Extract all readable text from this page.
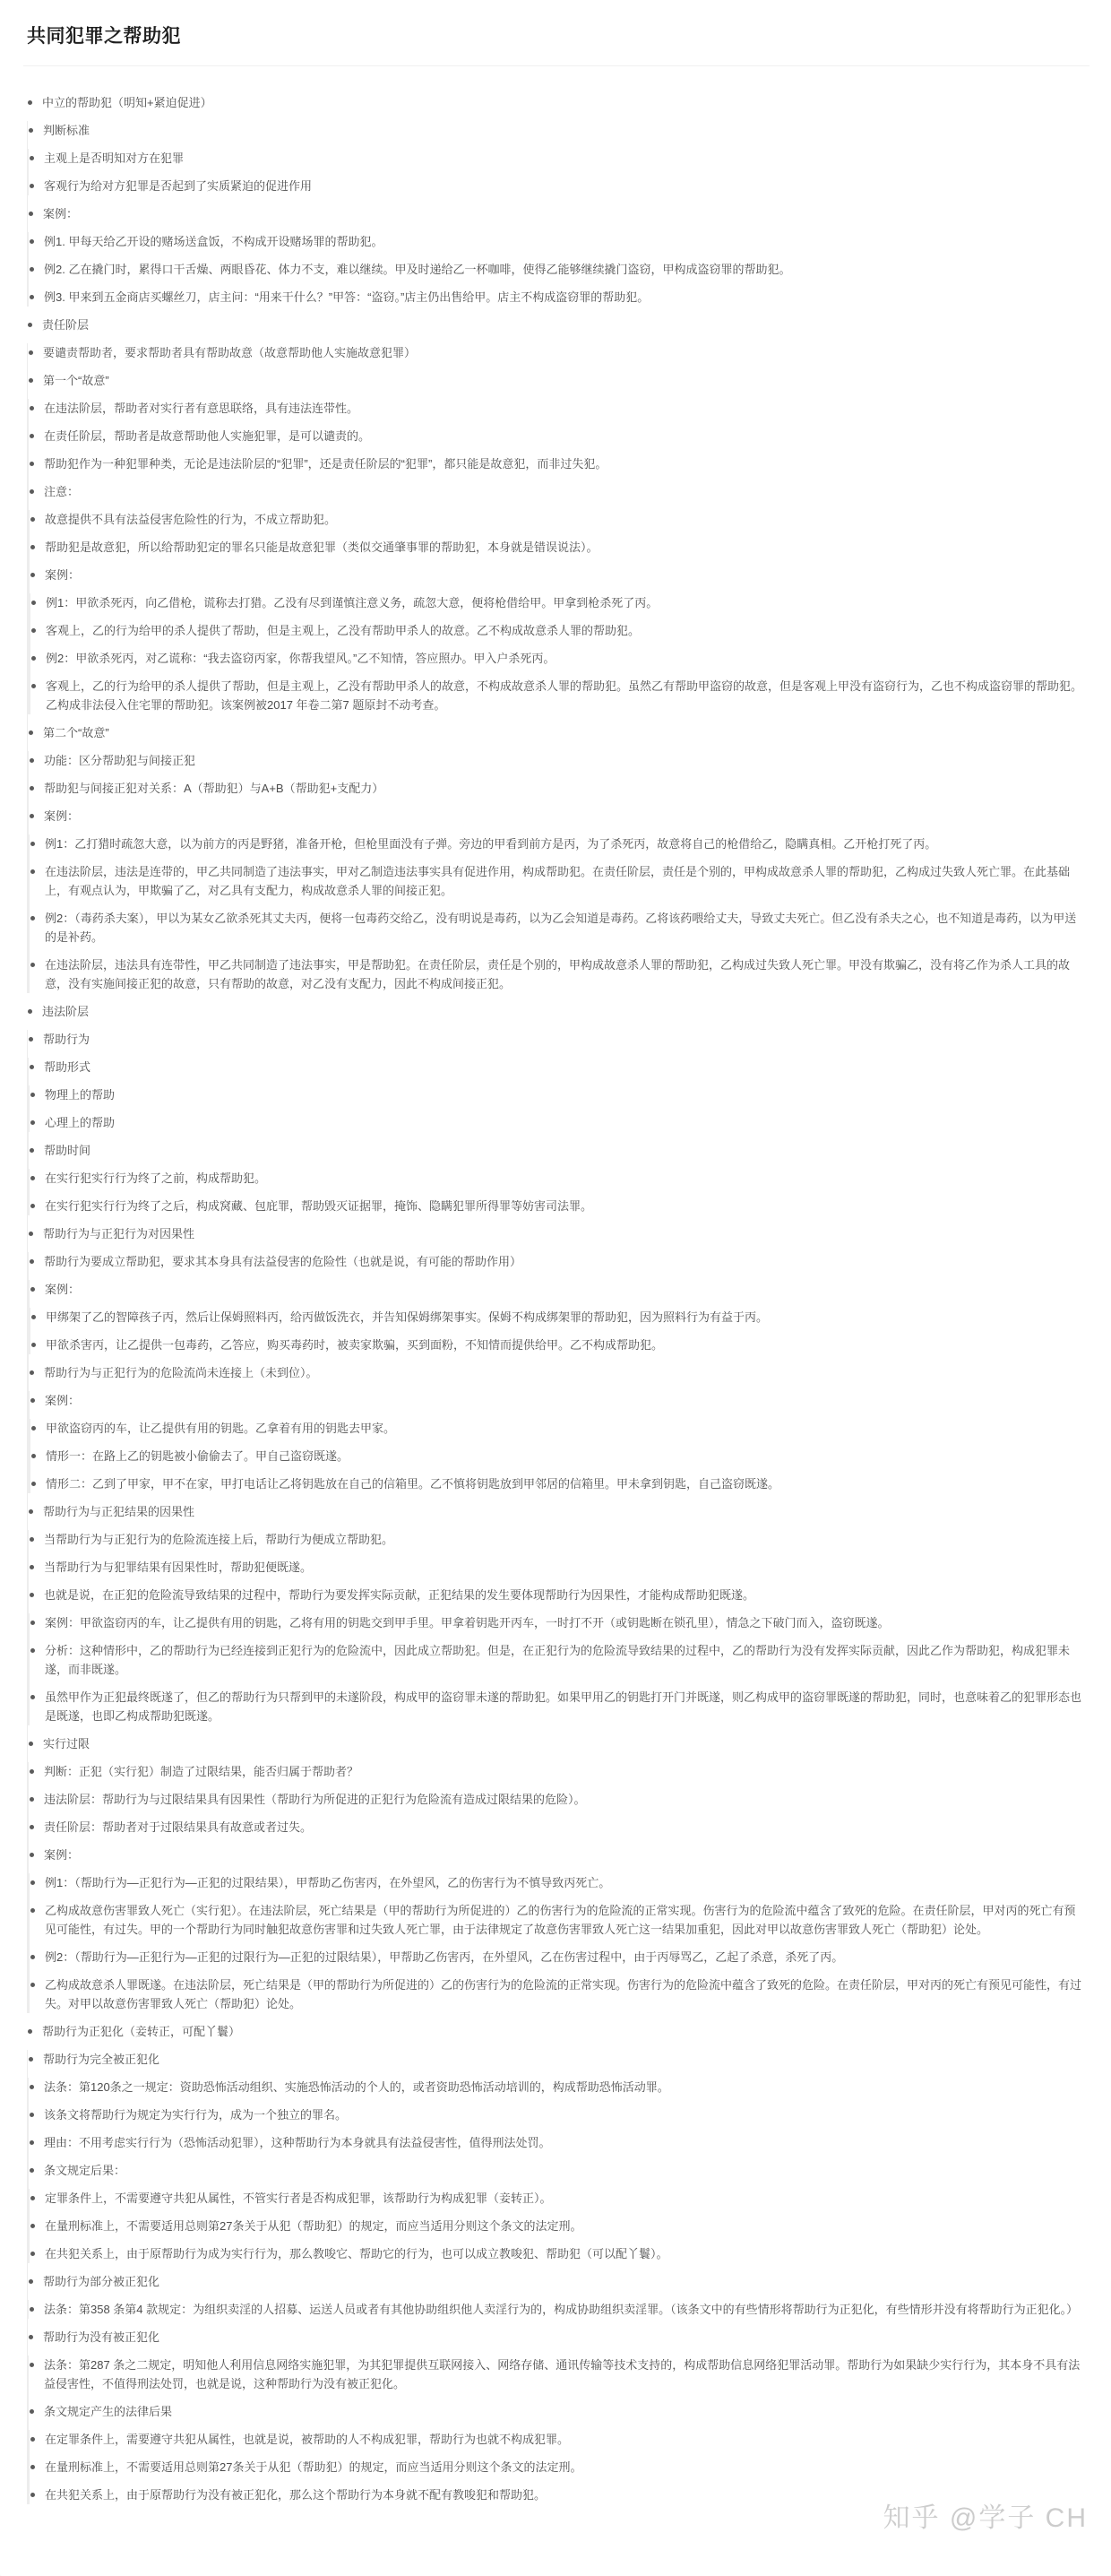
共同犯罪之帮助犯
中立的帮助犯（明知+紧迫促进）
判断标准
主观上是否明知对方在犯罪
客观行为给对方犯罪是否起到了实质紧迫的促进作用
案例：
例1. 甲每天给乙开设的赌场送盒饭，不构成开设赌场罪的帮助犯。
例2. 乙在撬门时，累得口干舌燥、两眼昏花、体力不支，难以继续。甲及时递给乙一杯咖啡，使得乙能够继续撬门盗窃，甲构成盗窃罪的帮助犯。
例3. 甲来到五金商店买螺丝刀，店主问：“用来干什么？”甲答：“盗窃。”店主仍出售给甲。店主不构成盗窃罪的帮助犯。
责任阶层
要谴责帮助者，要求帮助者具有帮助故意（故意帮助他人实施故意犯罪）
第一个“故意”
在违法阶层，帮助者对实行者有意思联络，具有违法连带性。
在责任阶层，帮助者是故意帮助他人实施犯罪，是可以谴责的。
帮助犯作为一种犯罪种类，无论是违法阶层的“犯罪”，还是责任阶层的“犯罪”，都只能是故意犯，而非过失犯。
注意：
故意提供不具有法益侵害危险性的行为，不成立帮助犯。
帮助犯是故意犯，所以给帮助犯定的罪名只能是故意犯罪（类似交通肇事罪的帮助犯，本身就是错误说法）。
案例：
例1：甲欲杀死丙，向乙借枪，谎称去打猎。乙没有尽到谨慎注意义务，疏忽大意，便将枪借给甲。甲拿到枪杀死了丙。
客观上，乙的行为给甲的杀人提供了帮助，但是主观上，乙没有帮助甲杀人的故意。乙不构成故意杀人罪的帮助犯。
例2：甲欲杀死丙，对乙谎称：“我去盗窃丙家，你帮我望风。”乙不知情，答应照办。甲入户杀死丙。
客观上，乙的行为给甲的杀人提供了帮助，但是主观上，乙没有帮助甲杀人的故意，不构成故意杀人罪的帮助犯。虽然乙有帮助甲盗窃的故意，但是客观上甲没有盗窃行为，乙也不构成盗窃罪的帮助犯。乙构成非法侵入住宅罪的帮助犯。该案例被2017 年卷二第7 题原封不动考查。
第二个“故意”
功能：区分帮助犯与间接正犯
帮助犯与间接正犯对关系：A（帮助犯）与A+B（帮助犯+支配力）
案例：
例1：乙打猎时疏忽大意，以为前方的丙是野猪，准备开枪，但枪里面没有子弹。旁边的甲看到前方是丙，为了杀死丙，故意将自己的枪借给乙，隐瞒真相。乙开枪打死了丙。
在违法阶层，违法是连带的，甲乙共同制造了违法事实，甲对乙制造违法事实具有促进作用，构成帮助犯。在责任阶层，责任是个别的，甲构成故意杀人罪的帮助犯，乙构成过失致人死亡罪。在此基础上，有观点认为，甲欺骗了乙，对乙具有支配力，构成故意杀人罪的间接正犯。
例2：（毒药杀夫案），甲以为某女乙欲杀死其丈夫丙，便将一包毒药交给乙，没有明说是毒药，以为乙会知道是毒药。乙将该药喂给丈夫，导致丈夫死亡。但乙没有杀夫之心，也不知道是毒药，以为甲送的是补药。
在违法阶层，违法具有连带性，甲乙共同制造了违法事实，甲是帮助犯。在责任阶层，责任是个别的，甲构成故意杀人罪的帮助犯，乙构成过失致人死亡罪。甲没有欺骗乙，没有将乙作为杀人工具的故意，没有实施间接正犯的故意，只有帮助的故意，对乙没有支配力，因此不构成间接正犯。
违法阶层
帮助行为
帮助形式
物理上的帮助
心理上的帮助
帮助时间
在实行犯实行行为终了之前，构成帮助犯。
在实行犯实行行为终了之后，构成窝藏、包庇罪，帮助毁灭证据罪，掩饰、隐瞒犯罪所得罪等妨害司法罪。
帮助行为与正犯行为对因果性
帮助行为要成立帮助犯，要求其本身具有法益侵害的危险性（也就是说，有可能的帮助作用）
案例：
甲绑架了乙的智障孩子丙，然后让保姆照料丙，给丙做饭洗衣，并告知保姆绑架事实。保姆不构成绑架罪的帮助犯，因为照料行为有益于丙。
甲欲杀害丙，让乙提供一包毒药，乙答应，购买毒药时，被卖家欺骗，买到面粉，不知情而提供给甲。乙不构成帮助犯。
帮助行为与正犯行为的危险流尚未连接上（未到位）。
案例：
甲欲盗窃丙的车，让乙提供有用的钥匙。乙拿着有用的钥匙去甲家。
情形一：在路上乙的钥匙被小偷偷去了。甲自己盗窃既遂。
情形二：乙到了甲家，甲不在家，甲打电话让乙将钥匙放在自己的信箱里。乙不慎将钥匙放到甲邻居的信箱里。甲未拿到钥匙，自己盗窃既遂。
帮助行为与正犯结果的因果性
当帮助行为与正犯行为的危险流连接上后，帮助行为便成立帮助犯。
当帮助行为与犯罪结果有因果性时，帮助犯便既遂。
也就是说，在正犯的危险流导致结果的过程中，帮助行为要发挥实际贡献，正犯结果的发生要体现帮助行为因果性，才能构成帮助犯既遂。
案例：甲欲盗窃丙的车，让乙提供有用的钥匙，乙将有用的钥匙交到甲手里。甲拿着钥匙开丙车，一时打不开（或钥匙断在锁孔里），情急之下破门而入，盗窃既遂。
分析：这种情形中，乙的帮助行为已经连接到正犯行为的危险流中，因此成立帮助犯。但是，在正犯行为的危险流导致结果的过程中，乙的帮助行为没有发挥实际贡献，因此乙作为帮助犯，构成犯罪未遂，而非既遂。
虽然甲作为正犯最终既遂了，但乙的帮助行为只帮到甲的未遂阶段，构成甲的盗窃罪未遂的帮助犯。如果甲用乙的钥匙打开门并既遂，则乙构成甲的盗窃罪既遂的帮助犯，同时，也意味着乙的犯罪形态也是既遂，也即乙构成帮助犯既遂。
实行过限
判断：正犯（实行犯）制造了过限结果，能否归属于帮助者？
违法阶层：帮助行为与过限结果具有因果性（帮助行为所促进的正犯行为危险流有造成过限结果的危险）。
责任阶层：帮助者对于过限结果具有故意或者过失。
案例：
例1：（帮助行为—正犯行为—正犯的过限结果），甲帮助乙伤害丙，在外望风，乙的伤害行为不慎导致丙死亡。
乙构成故意伤害罪致人死亡（实行犯）。在违法阶层，死亡结果是（甲的帮助行为所促进的）乙的伤害行为的危险流的正常实现。伤害行为的危险流中蕴含了致死的危险。在责任阶层，甲对丙的死亡有预见可能性，有过失。甲的一个帮助行为同时触犯故意伤害罪和过失致人死亡罪，由于法律规定了故意伤害罪致人死亡这一结果加重犯，因此对甲以故意伤害罪致人死亡（帮助犯）论处。
例2：（帮助行为—正犯行为—正犯的过限行为—正犯的过限结果），甲帮助乙伤害丙，在外望风，乙在伤害过程中，由于丙辱骂乙，乙起了杀意，杀死了丙。
乙构成故意杀人罪既遂。在违法阶层，死亡结果是（甲的帮助行为所促进的）乙的伤害行为的危险流的正常实现。伤害行为的危险流中蕴含了致死的危险。在责任阶层，甲对丙的死亡有预见可能性，有过失。对甲以故意伤害罪致人死亡（帮助犯）论处。
帮助行为正犯化（妾转正，可配丫鬟）
帮助行为完全被正犯化
法条：第120条之一规定：资助恐怖活动组织、实施恐怖活动的个人的，或者资助恐怖活动培训的，构成帮助恐怖活动罪。
该条文将帮助行为规定为实行行为，成为一个独立的罪名。
理由：不用考虑实行行为（恐怖活动犯罪），这种帮助行为本身就具有法益侵害性，值得刑法处罚。
条文规定后果：
定罪条件上，不需要遵守共犯从属性，不管实行者是否构成犯罪，该帮助行为构成犯罪（妾转正）。
在量刑标准上，不需要适用总则第27条关于从犯（帮助犯）的规定，而应当适用分则这个条文的法定刑。
在共犯关系上，由于原帮助行为成为实行行为，那么教唆它、帮助它的行为，也可以成立教唆犯、帮助犯（可以配丫鬟）。
帮助行为部分被正犯化
法条：第358 条第4 款规定：为组织卖淫的人招募、运送人员或者有其他协助组织他人卖淫行为的，构成协助组织卖淫罪。（该条文中的有些情形将帮助行为正犯化，有些情形并没有将帮助行为正犯化。）
帮助行为没有被正犯化
法条：第287 条之二规定，明知他人利用信息网络实施犯罪，为其犯罪提供互联网接入、网络存储、通讯传输等技术支持的，构成帮助信息网络犯罪活动罪。帮助行为如果缺少实行行为，其本身不具有法益侵害性，不值得刑法处罚，也就是说，这种帮助行为没有被正犯化。
条文规定产生的法律后果
在定罪条件上，需要遵守共犯从属性，也就是说，被帮助的人不构成犯罪，帮助行为也就不构成犯罪。
在量刑标准上，不需要适用总则第27条关于从犯（帮助犯）的规定，而应当适用分则这个条文的法定刑。
在共犯关系上，由于原帮助行为没有被正犯化，那么这个帮助行为本身就不配有教唆犯和帮助犯。
知乎 @学子 CH
